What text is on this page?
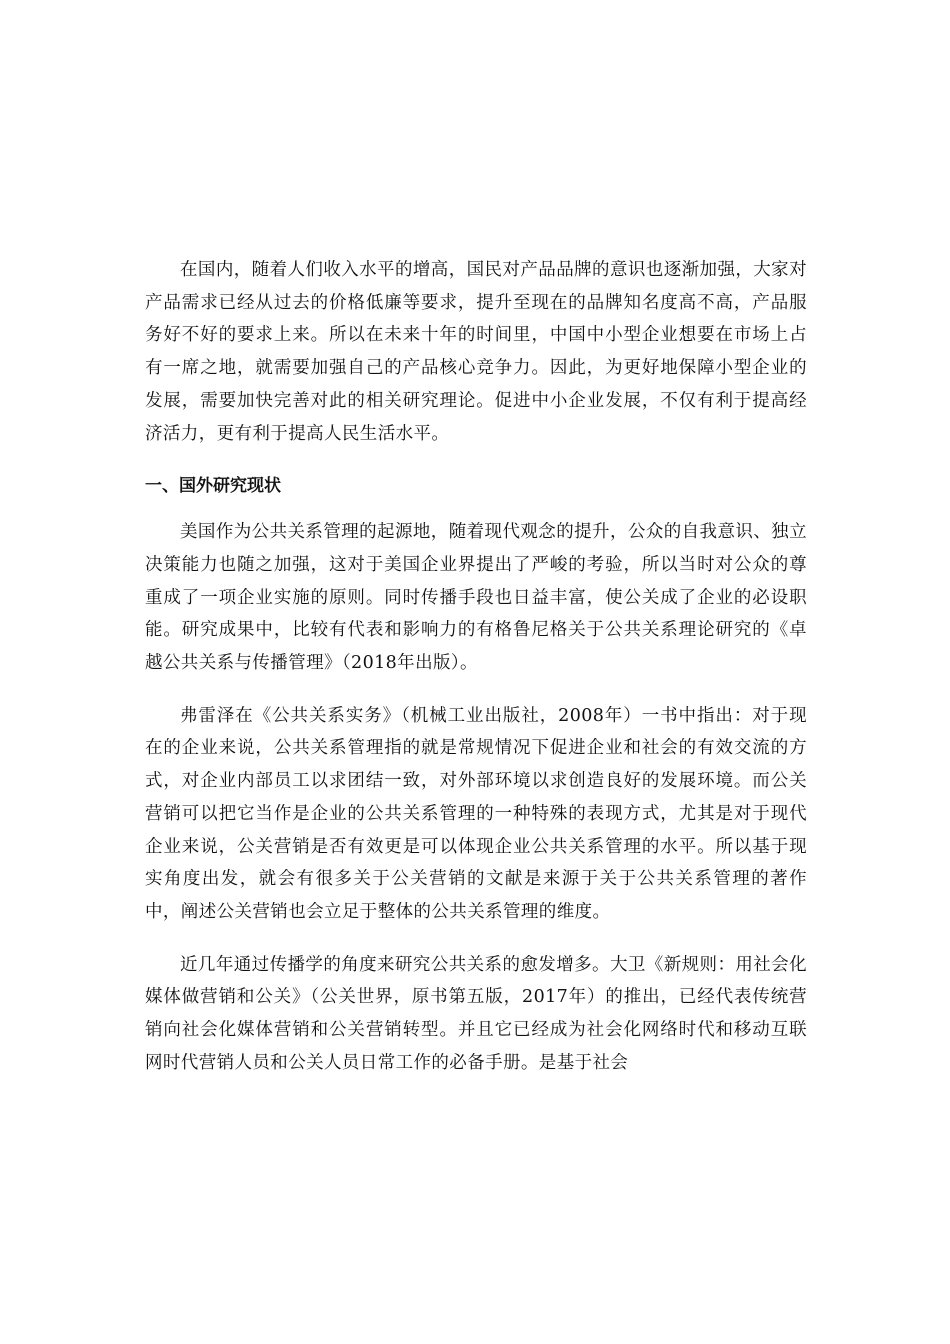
在国内，随着人们收入水平的增高，国民对产品品牌的意识也逐渐加强，大家对产品需求已经从过去的价格低廉等要求，提升至现在的品牌知名度高不高，产品服务好不好的要求上来。所以在未来十年的时间里，中国中小型企业想要在市场上占有一席之地，就需要加强自己的产品核心竞争力。因此，为更好地保障小型企业的发展，需要加快完善对此的相关研究理论。促进中小企业发展，不仅有利于提高经济活力，更有利于提高人民生活水平。

一、国外研究现状

美国作为公共关系管理的起源地，随着现代观念的提升，公众的自我意识、独立决策能力也随之加强，这对于美国企业界提出了严峻的考验，所以当时对公众的尊重成了一项企业实施的原则。同时传播手段也日益丰富，使公关成了企业的必设职能。研究成果中，比较有代表和影响力的有格鲁尼格关于公共关系理论研究的《卓越公共关系与传播管理》（2018年出版）。

弗雷泽在《公共关系实务》（机械工业出版社，2008年）一书中指出：对于现在的企业来说，公共关系管理指的就是常规情况下促进企业和社会的有效交流的方式，对企业内部员工以求团结一致，对外部环境以求创造良好的发展环境。而公关营销可以把它当作是企业的公共关系管理的一种特殊的表现方式，尤其是对于现代企业来说，公关营销是否有效更是可以体现企业公共关系管理的水平。所以基于现实角度出发，就会有很多关于公关营销的文献是来源于关于公共关系管理的著作中，阐述公关营销也会立足于整体的公共关系管理的维度。

近几年通过传播学的角度来研究公共关系的愈发增多。大卫《新规则：用社会化媒体做营销和公关》（公关世界，原书第五版，2017年）的推出，已经代表传统营销向社会化媒体营销和公关营销转型。并且它已经成为社会化网络时代和移动互联网时代营销人员和公关人员日常工作的必备手册。是基于社会
